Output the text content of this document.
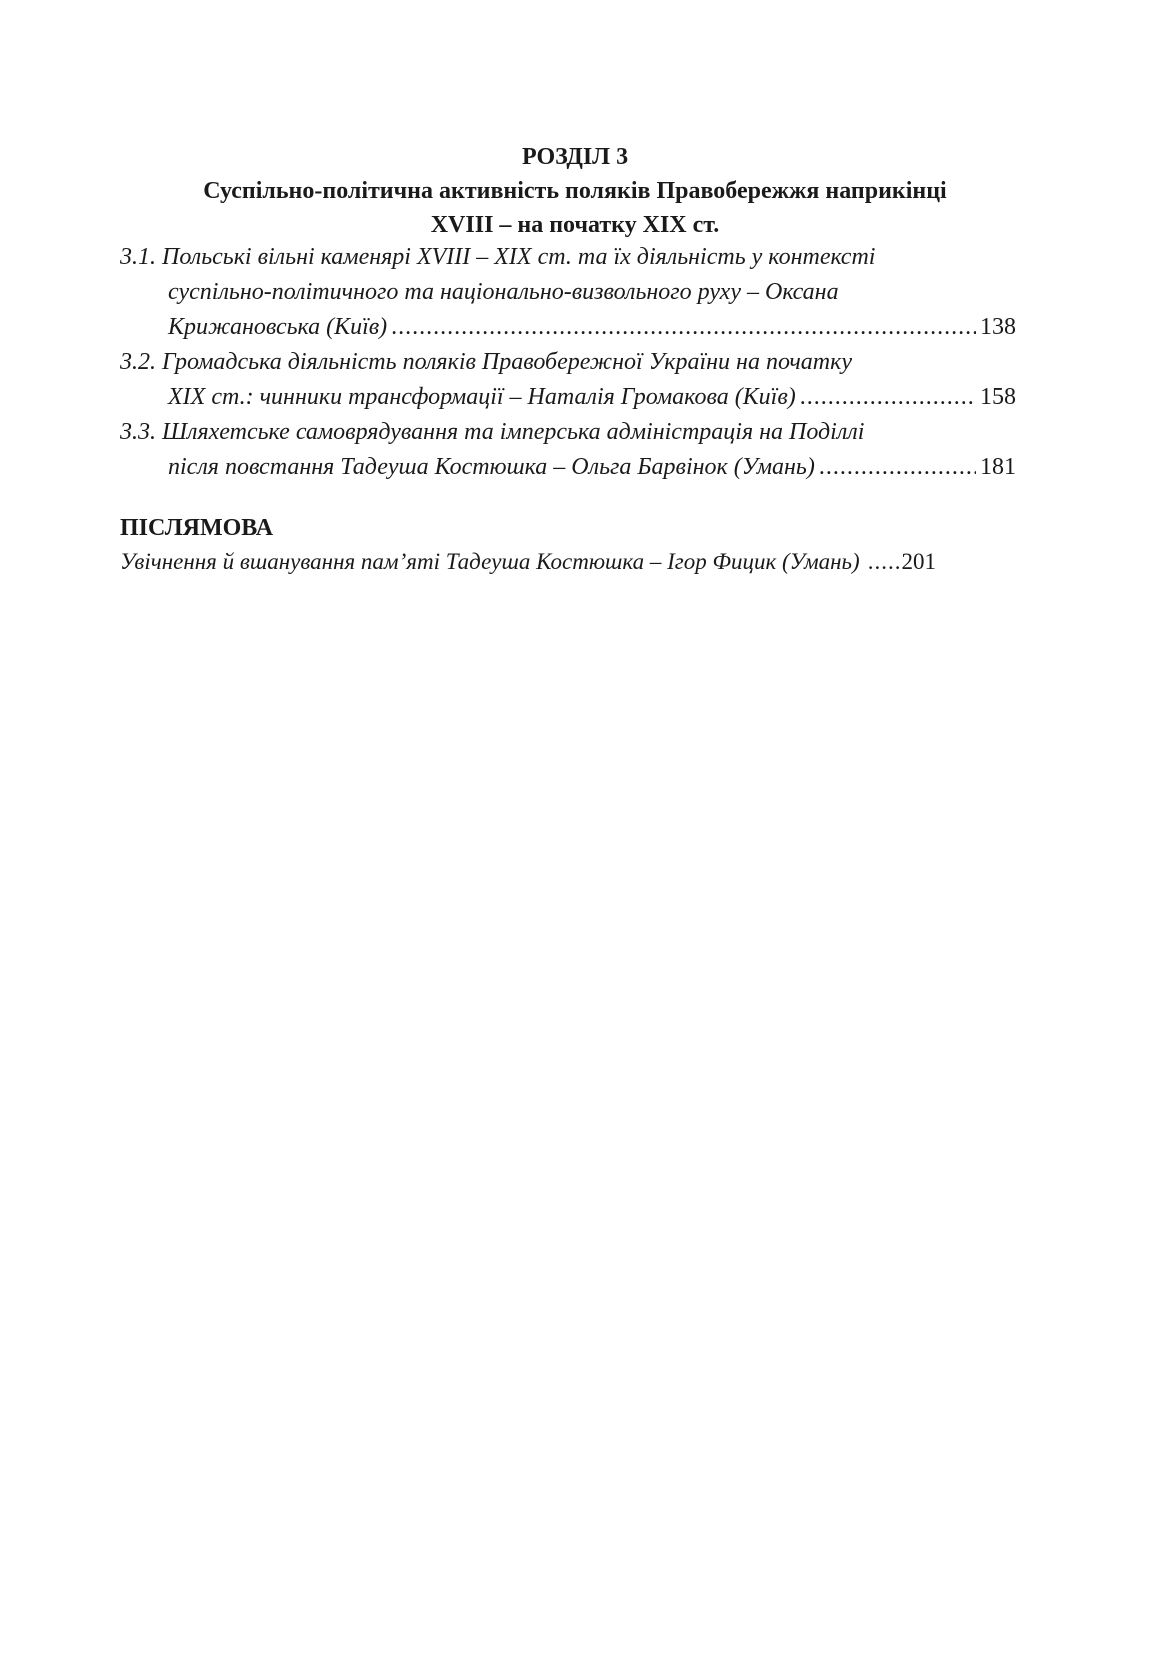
РОЗДІЛ 3
Суспільно-політична активність поляків Правобережжя наприкінці
XVIII – на початку XIX ст.
3.1. Польські вільні каменярі XVIII – XIX ст. та їх діяльність у контексті
суспільно-політичного та національно-визвольного руху – Оксана
Крижановська (Київ) .....	138
3.2. Громадська діяльність поляків Правобережної України на початку
XIX ст.: чинники трансформації – Наталія Громакова (Київ) .....	158
3.3. Шляхетське самоврядування та імперська адміністрація на Поділлі
після повстання Тадеуша Костюшка – Ольга Барвінок (Умань) .....	181
ПІСЛЯМОВА
Увічнення й вшанування пам’яті Тадеуша Костюшка – Ігор Фицик (Умань) ..... 201
